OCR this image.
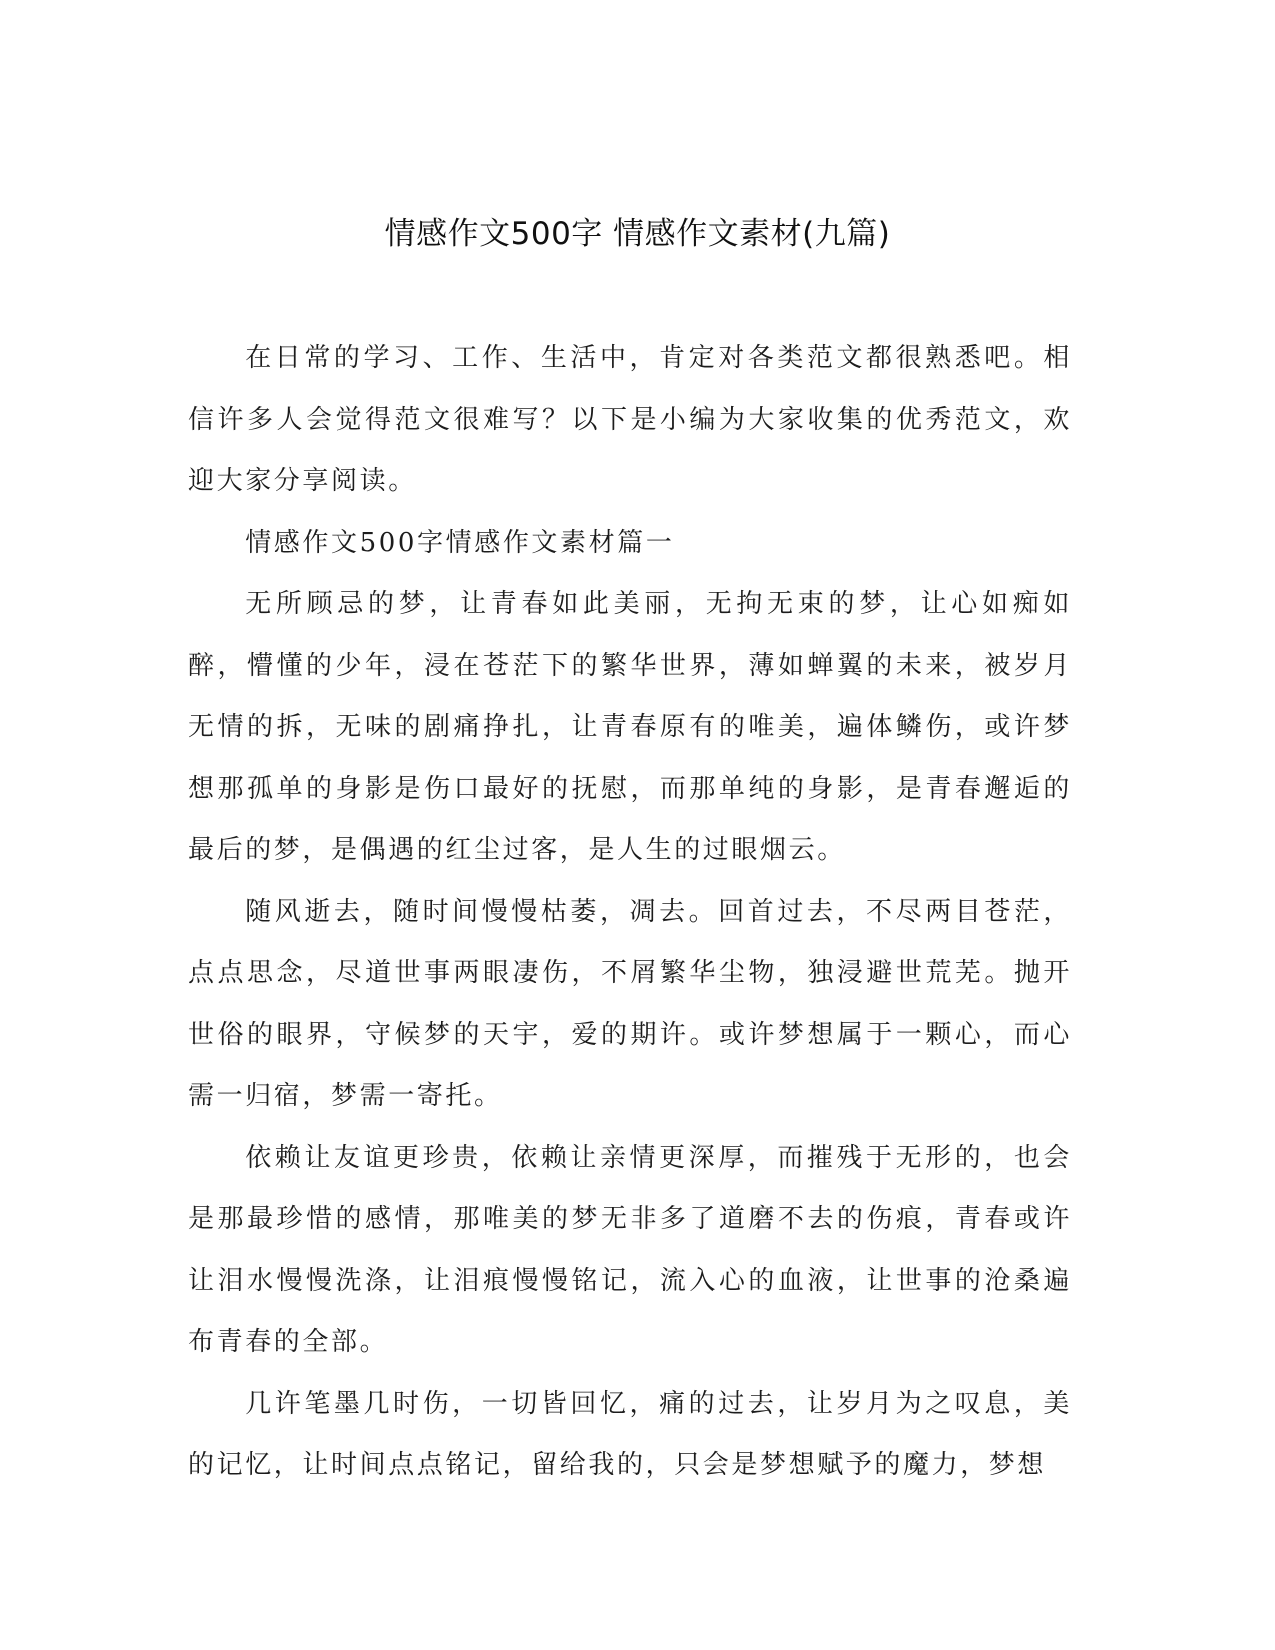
情感作文500字 情感作文素材(九篇)

在日常的学习、工作、生活中，肯定对各类范文都很熟悉吧。相信许多人会觉得范文很难写？以下是小编为大家收集的优秀范文，欢迎大家分享阅读。

情感作文500字情感作文素材篇一

无所顾忌的梦，让青春如此美丽，无拘无束的梦，让心如痴如醉，懵懂的少年，浸在苍茫下的繁华世界，薄如蝉翼的未来，被岁月无情的拆，无味的剧痛挣扎，让青春原有的唯美，遍体鳞伤，或许梦想那孤单的身影是伤口最好的抚慰，而那单纯的身影，是青春邂逅的最后的梦，是偶遇的红尘过客，是人生的过眼烟云。

随风逝去，随时间慢慢枯萎，凋去。回首过去，不尽两目苍茫，点点思念，尽道世事两眼凄伤，不屑繁华尘物，独浸避世荒芜。抛开世俗的眼界，守候梦的天宇，爱的期许。或许梦想属于一颗心，而心需一归宿，梦需一寄托。

依赖让友谊更珍贵，依赖让亲情更深厚，而摧残于无形的，也会是那最珍惜的感情，那唯美的梦无非多了道磨不去的伤痕，青春或许让泪水慢慢洗涤，让泪痕慢慢铭记，流入心的血液，让世事的沧桑遍布青春的全部。

几许笔墨几时伤，一切皆回忆，痛的过去，让岁月为之叹息，美的记忆，让时间点点铭记，留给我的，只会是梦想赋予的魔力，梦想
